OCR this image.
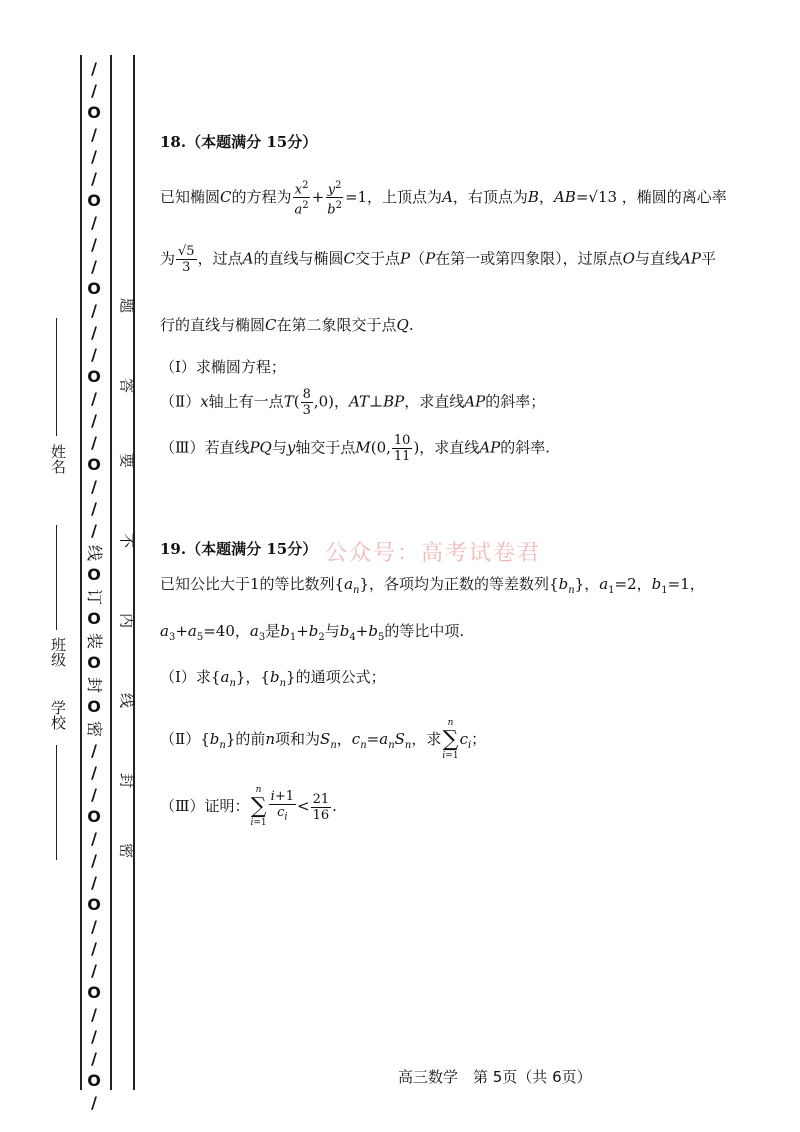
学校
班级
姓名
/
/
O
/
/
/
O
/
/
/
O
/
/
/
O
/
/
/
O
/
/
/
线
O
订
O
装
O
封
O
密
/
/
/
O
/
/
/
O
/
/
/
O
/
/
/
O
/
密
封
线
内
不
要
答
题
18.（本题满分 15分）
已知椭圆C的方程为 $\frac{x^2}{a^2} + \frac{y^2}{b^2} =1$，上顶点为A，右顶点为B，AB=√13 ，椭圆的离心率
为 $\frac{√5}{3}$ ，过点A的直线与椭圆C交于点P（P在第一或第四象限），过原点O与直线AP平
行的直线与椭圆C在第二象限交于点Q.
（Ⅰ）求椭圆方程；
（Ⅱ）x轴上有一点$T( \frac{8}{3} ,0)$，AT⊥BP，求直线AP的斜率；
（Ⅲ）若直线PQ与y轴交于点M(0, $\frac{10}{11}$ )，求直线AP的斜率.
公众号：高考试卷君
19.（本题满分 15分）
已知公比大于1的等比数列$\{a_n\}$，各项均为正数的等差数列$\{b_n\}$，$a_1=2$，$b_1=1$，
$a_3+a_5=40$，$a_3$是$b_1+b_2$与$b_4+b_5$的等比中项.
（Ⅰ）求$\{a_n\}$，$\{b_n\}$的通项公式；
$(Ⅱ)\{b_n\}$的前n项和为$S_n$，$c_n=a_nS_n$，求
n
∑
i=1
$c_i$；
（Ⅲ）证明：
n
∑
$i=1 \frac{i+1}{c_i} < \frac{21}{16}$ .
高三数学　第 5页（共 6页）
